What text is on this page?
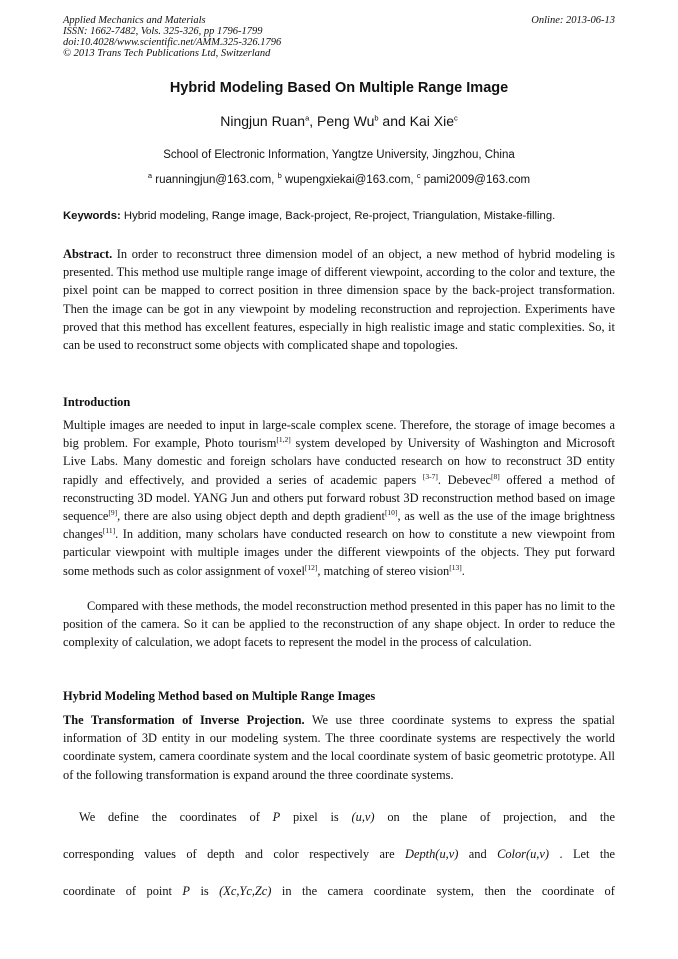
Applied Mechanics and Materials
ISSN: 1662-7482, Vols. 325-326, pp 1796-1799
doi:10.4028/www.scientific.net/AMM.325-326.1796
© 2013 Trans Tech Publications Ltd, Switzerland
Online: 2013-06-13
Hybrid Modeling Based On Multiple Range Image
Ningjun Ruan$^a$, Peng Wu$^b$ and Kai Xie$^c$
School of Electronic Information, Yangtze University, Jingzhou, China
$^a$ ruanningjun@163.com, $^b$ wupengxiekai@163.com, $^c$ pami2009@163.com
Keywords: Hybrid modeling, Range image, Back-project, Re-project, Triangulation, Mistake-filling.
Abstract. In order to reconstruct three dimension model of an object, a new method of hybrid modeling is presented. This method use multiple range image of different viewpoint, according to the color and texture, the pixel point can be mapped to correct position in three dimension space by the back-project transformation. Then the image can be got in any viewpoint by modeling reconstruction and reprojection. Experiments have proved that this method has excellent features, especially in high realistic image and static complexities. So, it can be used to reconstruct some objects with complicated shape and topologies.
Introduction
Multiple images are needed to input in large-scale complex scene. Therefore, the storage of image becomes a big problem. For example, Photo tourism[1,2] system developed by University of Washington and Microsoft Live Labs. Many domestic and foreign scholars have conducted research on how to reconstruct 3D entity rapidly and effectively, and provided a series of academic papers [3-7]. Debevec[8] offered a method of reconstructing 3D model. YANG Jun and others put forward robust 3D reconstruction method based on image sequence[9], there are also using object depth and depth gradient[10], as well as the use of the image brightness changes[11]. In addition, many scholars have conducted research on how to constitute a new viewpoint from particular viewpoint with multiple images under the different viewpoints of the objects. They put forward some methods such as color assignment of voxel[12], matching of stereo vision[13].
Compared with these methods, the model reconstruction method presented in this paper has no limit to the position of the camera. So it can be applied to the reconstruction of any shape object. In order to reduce the complexity of calculation, we adopt facets to represent the model in the process of calculation.
Hybrid Modeling Method based on Multiple Range Images
The Transformation of Inverse Projection. We use three coordinate systems to express the spatial information of 3D entity in our modeling system. The three coordinate systems are respectively the world coordinate system, camera coordinate system and the local coordinate system of basic geometric prototype. All of the following transformation is expand around the three coordinate systems.
We define the coordinates of P pixel is (u,v) on the plane of projection, and the
corresponding values of depth and color respectively are Depth(u,v) and Color(u,v) . Let the
coordinate of point P is (Xc,Yc,Zc) in the camera coordinate system, then the coordinate of
